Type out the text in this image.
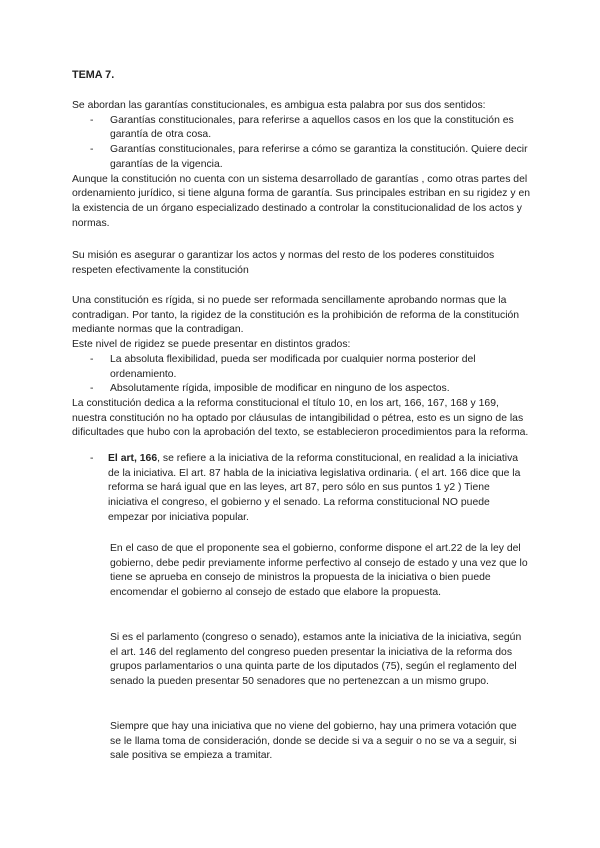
TEMA 7.

Se abordan las garantías constitucionales, es ambigua esta palabra por sus dos sentidos:

- Garantías constitucionales, para referirse a aquellos casos en los que la constitución es garantía de otra cosa.
- Garantías constitucionales, para referirse a cómo se garantiza la constitución. Quiere decir garantías de la vigencia.

Aunque la constitución no cuenta con un sistema desarrollado de garantías , como otras partes del ordenamiento jurídico, si tiene alguna forma de garantía. Sus principales estriban en su rigidez y en la existencia de un órgano especializado destinado a controlar la constitucionalidad de los actos y normas.

Su misión es asegurar o garantizar los actos y normas del resto de los poderes constituidos respeten efectivamente la constitución

Una constitución es rígida, si no puede ser reformada sencillamente aprobando normas que la contradigan. Por tanto, la rigidez de la constitución es la prohibición de reforma de la constitución mediante normas que la contradigan.

Este nivel de rigidez se puede presentar en distintos grados:

- La absoluta flexibilidad, pueda ser modificada por cualquier norma posterior del ordenamiento.
- Absolutamente rígida, imposible de modificar en ninguno de los aspectos.

La constitución dedica a la reforma constitucional el título 10, en los art, 166, 167, 168 y 169, nuestra constitución no ha optado por cláusulas de intangibilidad o pétrea, esto es un signo de las dificultades que hubo con la aprobación del texto, se establecieron procedimientos para la reforma.

- El art, 166, se refiere a la iniciativa de la reforma constitucional, en realidad a la iniciativa de la iniciativa. El art. 87 habla de la iniciativa legislativa ordinaria. ( el art. 166 dice que la reforma se hará igual que en las leyes, art 87, pero sólo en sus puntos 1 y2 ) Tiene iniciativa el congreso, el gobierno y el senado. La reforma constitucional NO puede empezar por iniciativa popular.
En el caso de que el proponente sea el gobierno, conforme dispone el art.22 de la ley del gobierno, debe pedir previamente informe perfectivo al consejo de estado y una vez que lo tiene se aprueba en consejo de ministros la propuesta de la iniciativa o bien puede encomendar el gobierno al consejo de estado que elabore la propuesta.
Si es el parlamento (congreso o senado), estamos ante la iniciativa de la iniciativa, según el art. 146 del reglamento del congreso pueden presentar la iniciativa de la reforma dos grupos parlamentarios o una quinta parte de los diputados (75), según el reglamento del senado la pueden presentar 50 senadores que no pertenezcan a un mismo grupo.
Siempre que hay una iniciativa que no viene del gobierno, hay una primera votación que se le llama toma de consideración, donde se decide si va a seguir o no se va a seguir, si sale positiva se empieza a tramitar.
